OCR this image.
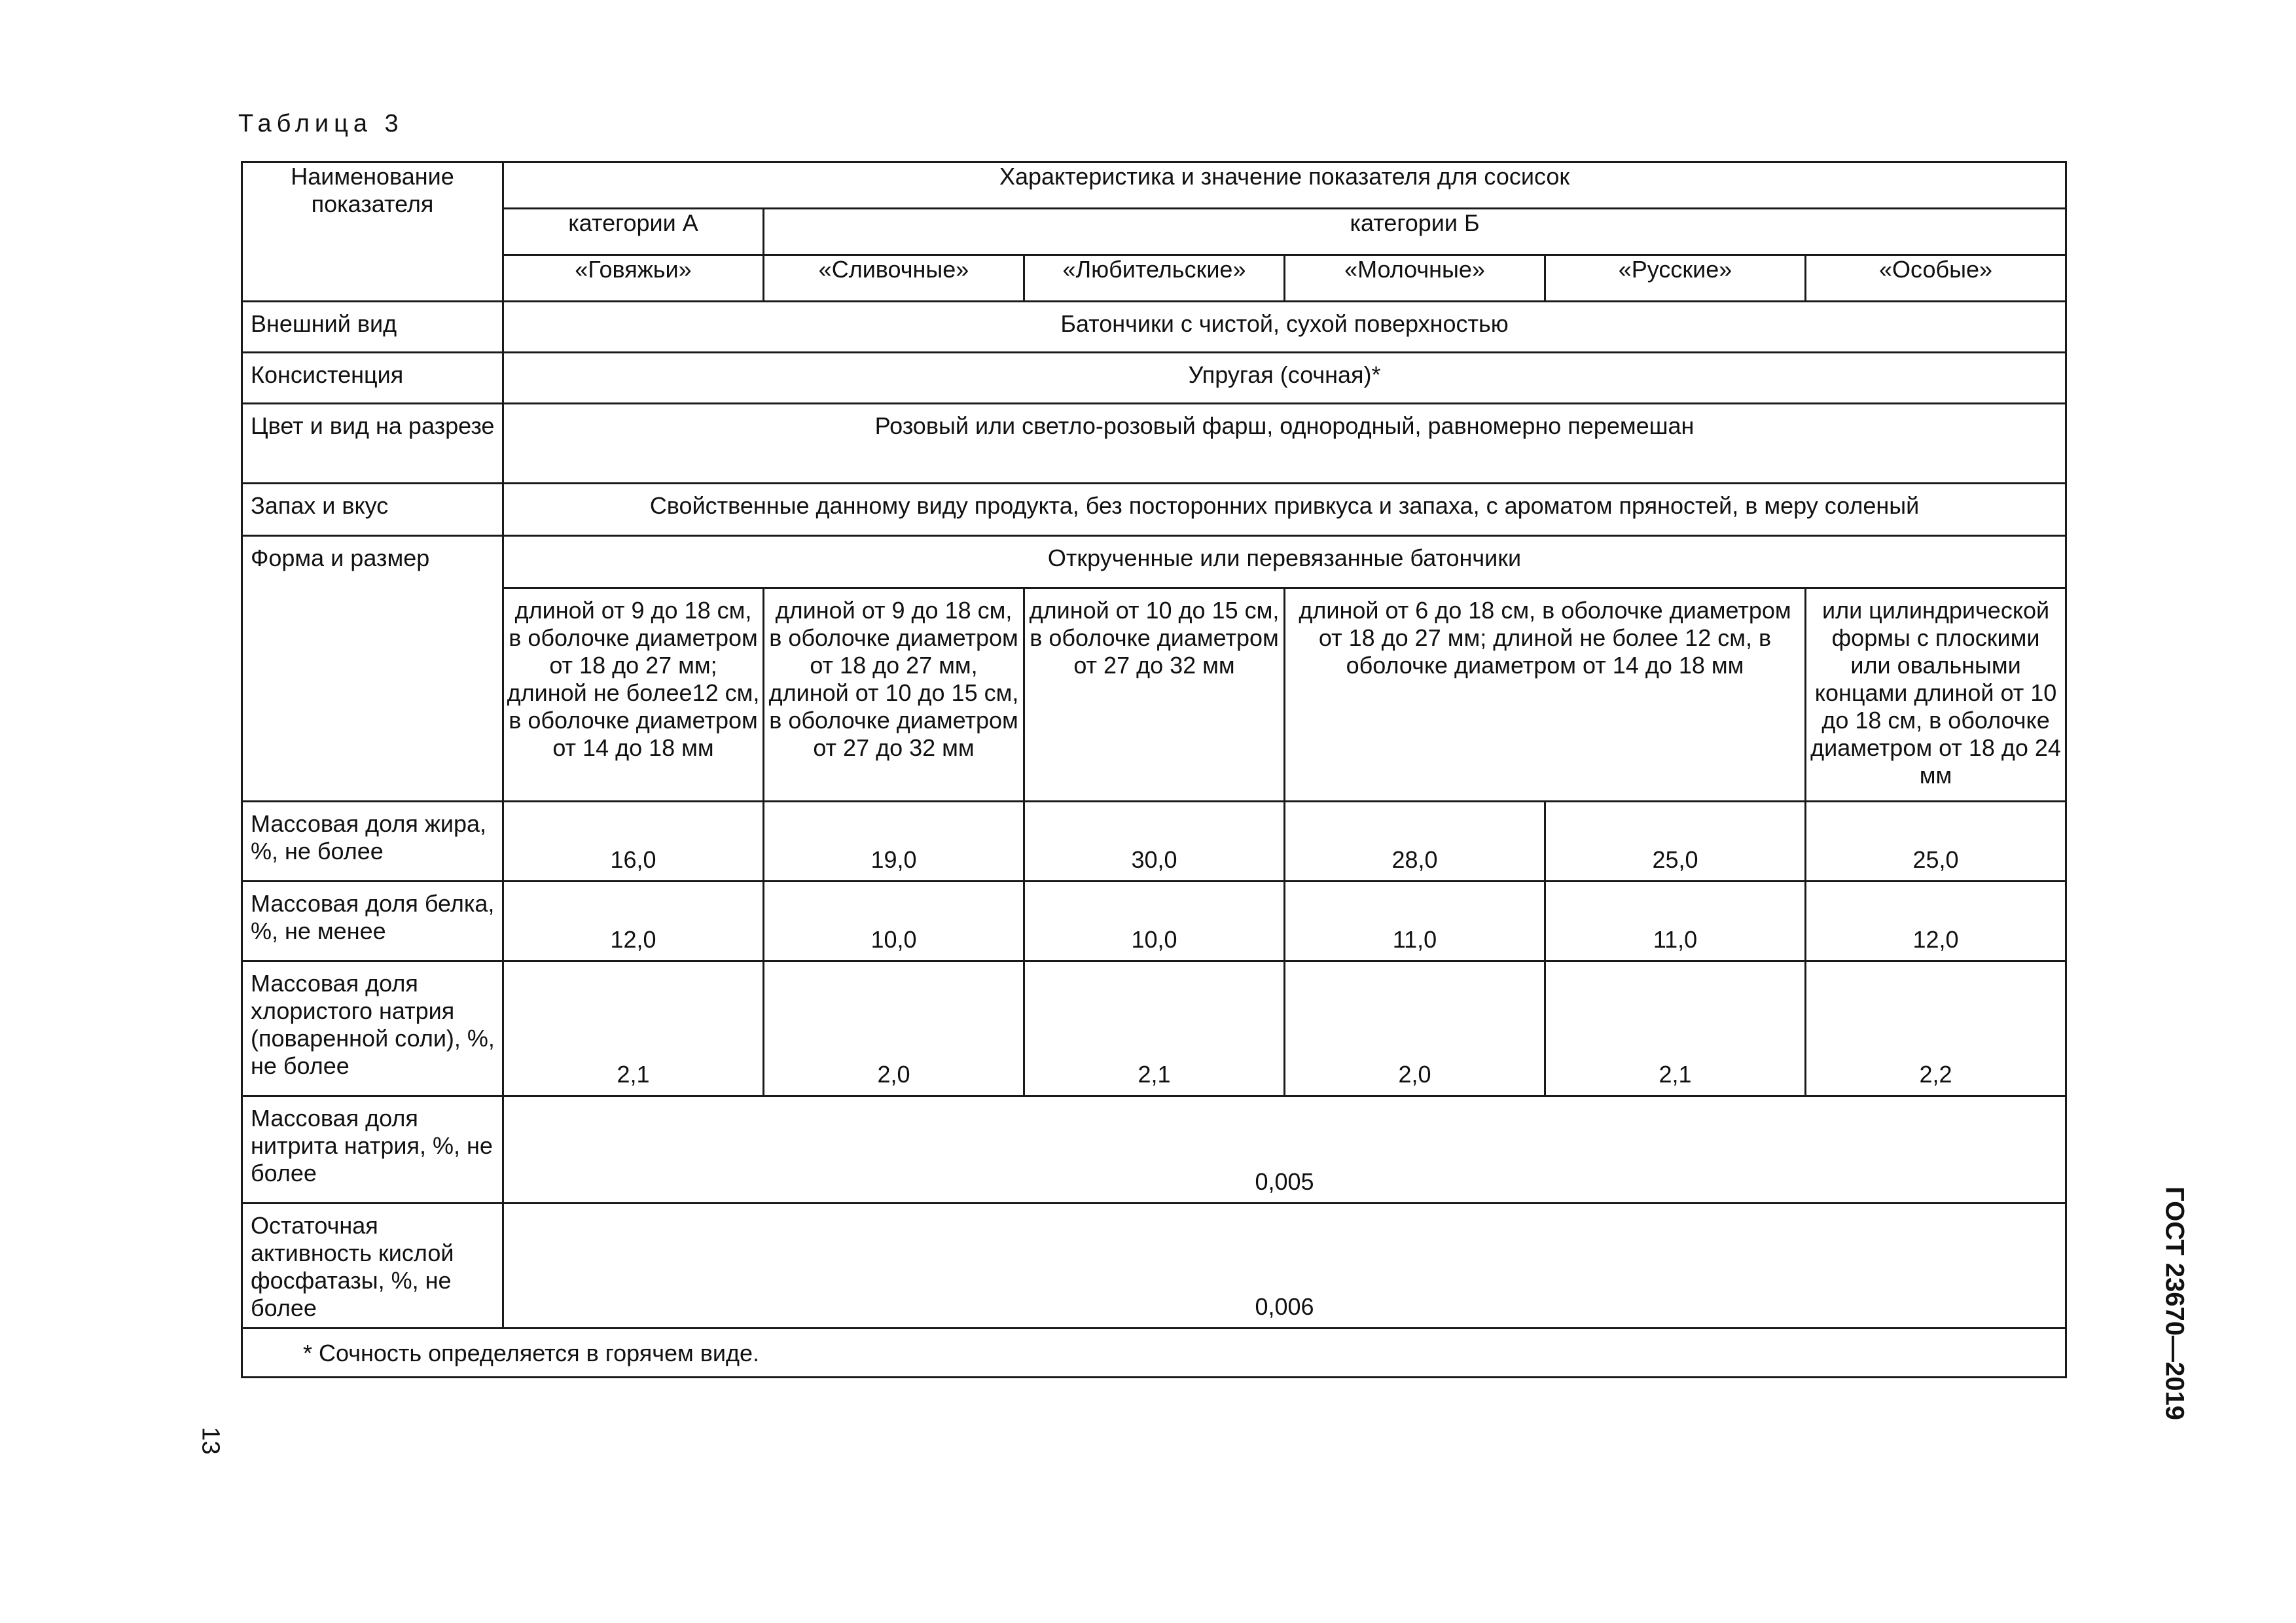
Таблица 3
Наименование показателя	Характеристика и значение показателя для сосисок					
	категории А	категории Б				
	«Говяжьи»	«Сливочные»	«Любительские»	«Молочные»	«Русские»	«Особые»
Внешний вид	Батончики с чистой, сухой поверхностью					
Консистенция	Упругая (сочная)*					
Цвет и вид на разрезе	Розовый или светло-розовый фарш, однородный, равномерно перемешан					
Запах и вкус	Свойственные данному виду продукта, без посторонних привкуса и запаха, с ароматом пряностей, в меру соленый					
Форма и размер	Открученные или перевязанные батончики					
	длиной от 9 до 18 см, в оболочке диаметром от 18 до 27 мм; длиной не более12 см, в оболочке диаметром от 14 до 18 мм	длиной от 9 до 18 см, в оболочке диаметром от 18 до 27 мм, длиной от 10 до 15 см, в оболочке диаметром от 27 до 32 мм	длиной от 10 до 15 см, в оболочке диаметром от 27 до 32 мм	длиной от 6 до 18 см, в оболочке диаметром от 18 до 27 мм; длиной не более 12 см, в оболочке диаметром от 14 до 18 мм		или цилиндрической формы с плоскими или овальными концами длиной от 10 до 18 см, в оболочке диаметром от 18 до 24 мм
Массовая доля жира, %, не более	16,0	19,0	30,0	28,0	25,0	25,0
Массовая доля белка, %, не менее	12,0	10,0	10,0	11,0	11,0	12,0
Массовая доля хлористого натрия (поваренной соли), %, не более	2,1	2,0	2,1	2,0	2,1	2,2
Массовая доля нитрита натрия, %, не более	0,005					
Остаточная активность кислой фосфатазы, %, не более	0,006					
* Сочность определяется в горячем виде.						
13
ГОСТ 23670—2019
